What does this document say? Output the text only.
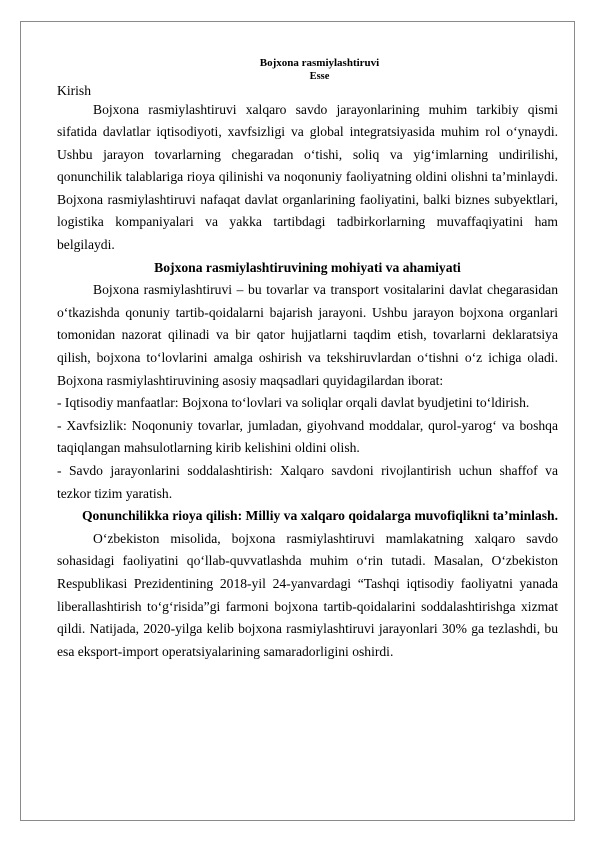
Bojxona rasmiylashtiruvi
Esse
Kirish

Bojxona rasmiylashtiruvi xalqaro savdo jarayonlarining muhim tarkibiy qismi sifatida davlatlar iqtisodiyoti, xavfsizligi va global integratsiyasida muhim rol o‘ynaydi. Ushbu jarayon tovarlarning chegaradan o‘tishi, soliq va yig‘imlarning undirilishi, qonunchilik talablariga rioya qilinishi va noqonuniy faoliyatning oldini olishni ta’minlaydi. Bojxona rasmiylashtiruvi nafaqat davlat organlarining faoliyatini, balki biznes subyektlari, logistika kompaniyalari va yakka tartibdagi tadbirkorlarning muvaffaqiyatini ham belgilaydi.

Bojxona rasmiylashtiruvining mohiyati va ahamiyati

Bojxona rasmiylashtiruvi – bu tovarlar va transport vositalarini davlat chegarasidan o‘tkazishda qonuniy tartib-qoidalarni bajarish jarayoni. Ushbu jarayon bojxona organlari tomonidan nazorat qilinadi va bir qator hujjatlarni taqdim etish, tovarlarni deklaratsiya qilish, bojxona to‘lovlarini amalga oshirish va tekshiruvlardan o‘tishni o‘z ichiga oladi. Bojxona rasmiylashtiruvining asosiy maqsadlari quyidagilardan iborat:

- Iqtisodiy manfaatlar: Bojxona to‘lovlari va soliqlar orqali davlat byudjetini to‘ldirish.

- Xavfsizlik: Noqonuniy tovarlar, jumladan, giyohvand moddalar, qurol-yarog‘ va boshqa taqiqlangan mahsulotlarning kirib kelishini oldini olish.

- Savdo jarayonlarini soddalashtirish: Xalqaro savdoni rivojlantirish uchun shaffof va tezkor tizim yaratish.

Qonunchilikka rioya qilish: Milliy va xalqaro qoidalarga muvofiqlikni ta’minlash.

O‘zbekiston misolida, bojxona rasmiylashtiruvi mamlakatning xalqaro savdo sohasidagi faoliyatini qo‘llab-quvvatlashda muhim o‘rin tutadi. Masalan, O‘zbekiston Respublikasi Prezidentining 2018-yil 24-yanvardagi “Tashqi iqtisodiy faoliyatni yanada liberallashtirish to‘g‘risida”gi farmoni bojxona tartib-qoidalarini soddalashtirishga xizmat qildi. Natijada, 2020-yilga kelib bojxona rasmiylashtiruvi jarayonlari 30% ga tezlashdi, bu esa eksport-import operatsiyalarining samaradorligini oshirdi.
